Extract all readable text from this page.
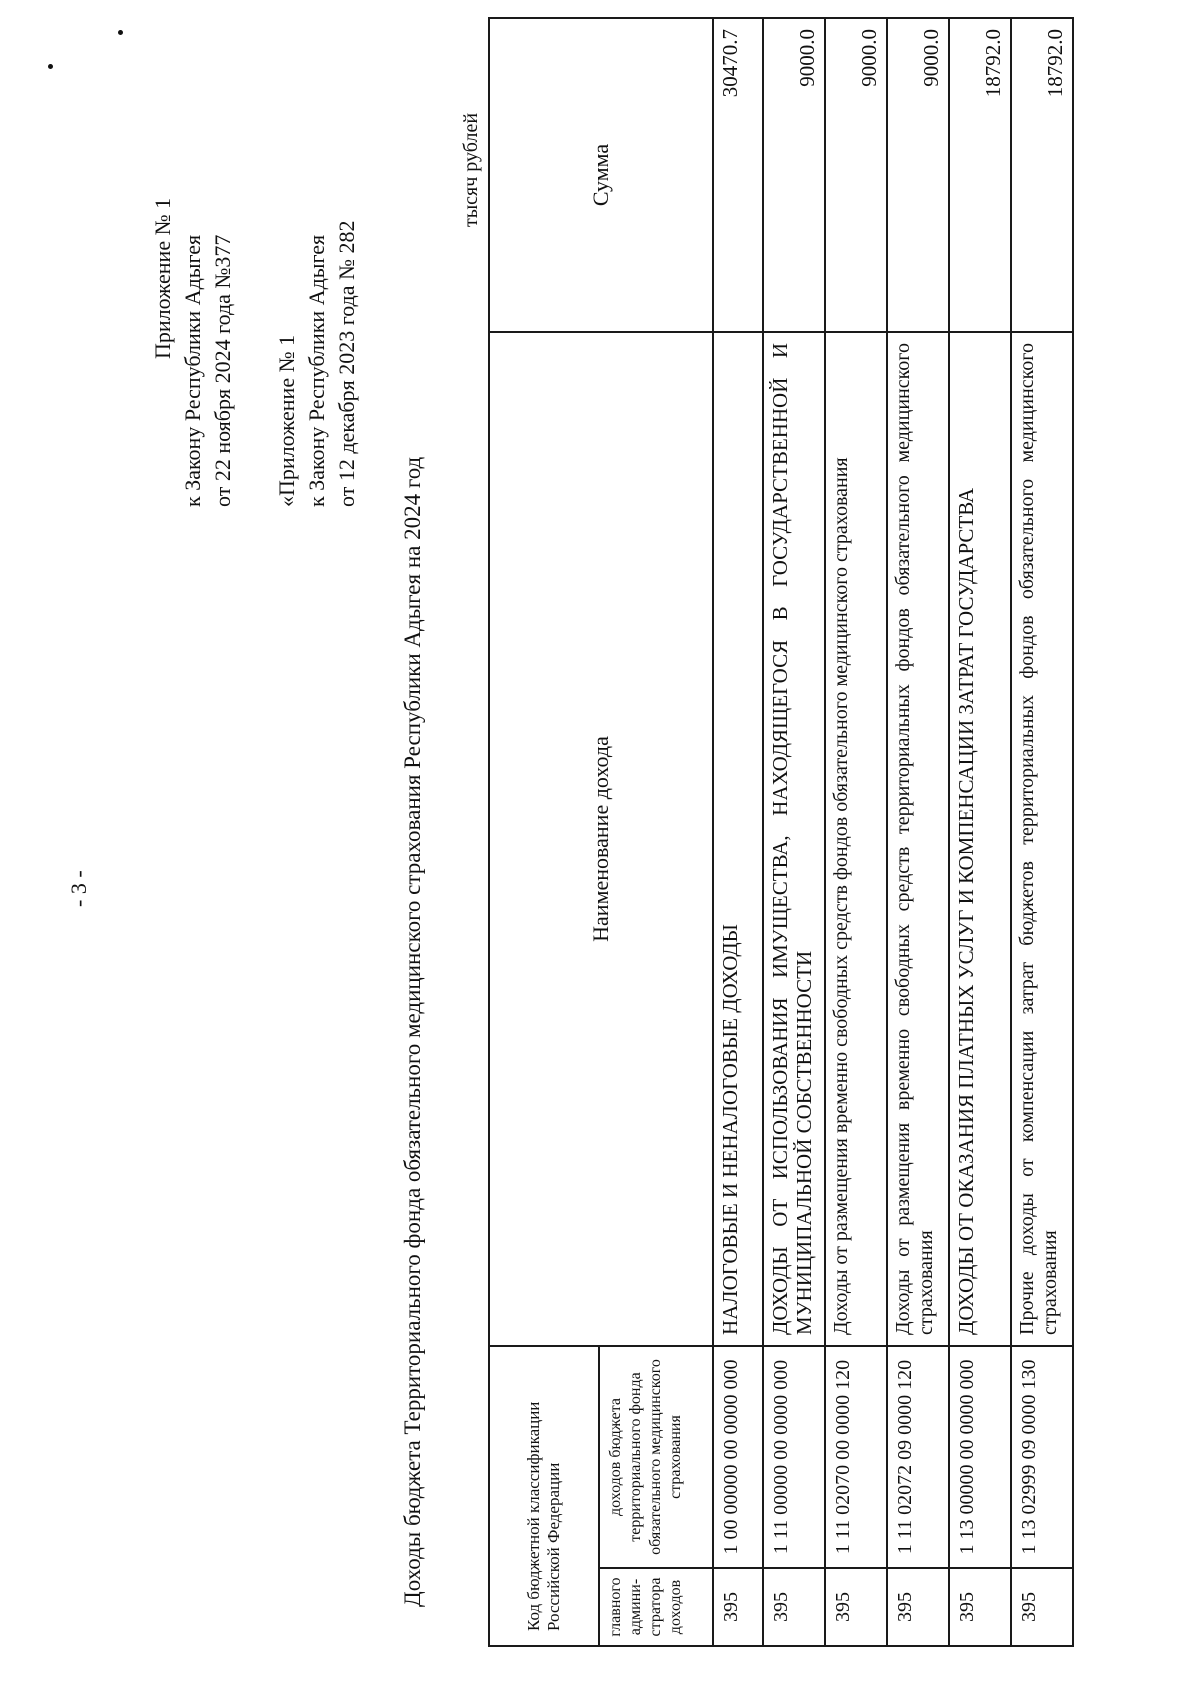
- 3 -
Приложение № 1 к Закону Республики Адыгея от 22 ноября 2024 года №377 «Приложение № 1 к Закону Республики Адыгея от 12 декабря 2023 года № 282
Доходы бюджета Территориального фонда обязательного медицинского страхования Республики Адыгея на 2024 год
тысяч рублей
Код бюджетной классификации Российской Федерации		Наименование дохода	Сумма
главного админи-стратора доходов	доходов бюджета территориального фонда обязательного медицинского страхования		
395	1 00 00000 00 0000 000	НАЛОГОВЫЕ И НЕНАЛОГОВЫЕ ДОХОДЫ	30470.7
395	1 11 00000 00 0000 000	ДОХОДЫ ОТ ИСПОЛЬЗОВАНИЯ ИМУЩЕСТВА, НАХОДЯЩЕГОСЯ В ГОСУДАРСТВЕННОЙ И МУНИЦИПАЛЬНОЙ СОБСТВЕННОСТИ	9000.0
395	1 11 02070 00 0000 120	Доходы от размещения временно свободных средств фондов обязательного медицинского страхования	9000.0
395	1 11 02072 09 0000 120	Доходы от размещения временно свободных средств территориальных фондов обязательного медицинского страхования	9000.0
395	1 13 00000 00 0000 000	ДОХОДЫ ОТ ОКАЗАНИЯ ПЛАТНЫХ УСЛУГ И КОМПЕНСАЦИИ ЗАТРАТ ГОСУДАРСТВА	18792.0
395	1 13 02999 09 0000 130	Прочие доходы от компенсации затрат бюджетов территориальных фондов обязательного медицинского страхования	18792.0
